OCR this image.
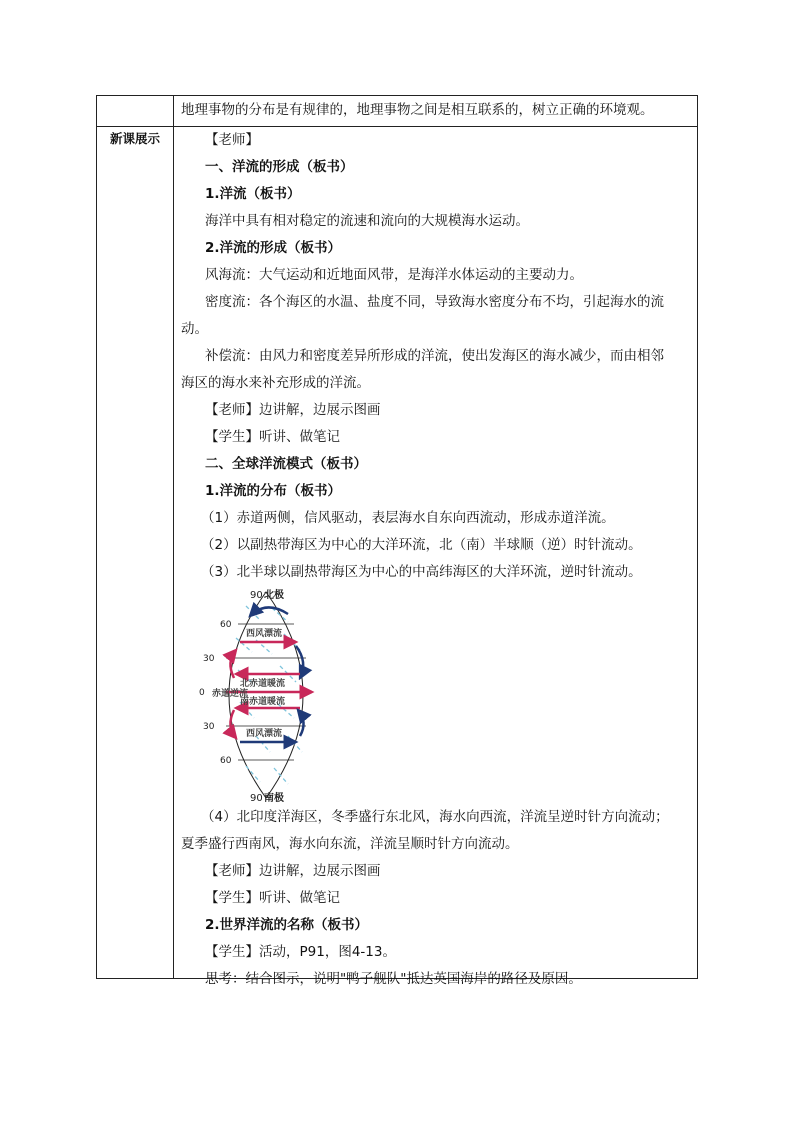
地理事物的分布是有规律的，地理事物之间是相互联系的，树立正确的环境观。
新课展示	【老师】
一、洋流的形成（板书）
1.洋流（板书）
海洋中具有相对稳定的流速和流向的大规模海水运动。
2.洋流的形成（板书）
风海流：大气运动和近地面风带，是海洋水体运动的主要动力。
密度流：各个海区的水温、盐度不同，导致海水密度分布不均，引起海水的流
动。
补偿流：由风力和密度差异所形成的洋流，使出发海区的海水减少，而由相邻
海区的海水来补充形成的洋流。
【老师】边讲解，边展示图画
【学生】听讲、做笔记
二、全球洋流模式（板书）
1.洋流的分布（板书）
（1）赤道两侧，信风驱动，表层海水自东向西流动，形成赤道洋流。
（2）以副热带海区为中心的大洋环流，北（南）半球顺（逆）时针流动。
（3）北半球以副热带海区为中心的中高纬海区的大洋环流，逆时针流动。
90 北极
90 南极
60
30
0
30
60
西风漂流
北赤道暖流
赤道逆流
南赤道暖流
西风漂流
（4）北印度洋海区，冬季盛行东北风，海水向西流，洋流呈逆时针方向流动；
夏季盛行西南风，海水向东流，洋流呈顺时针方向流动。
【老师】边讲解，边展示图画
【学生】听讲、做笔记
2.世界洋流的名称（板书）
【学生】活动，P91，图4-13。
思考：结合图示，说明"鸭子舰队"抵达英国海岸的路径及原因。
